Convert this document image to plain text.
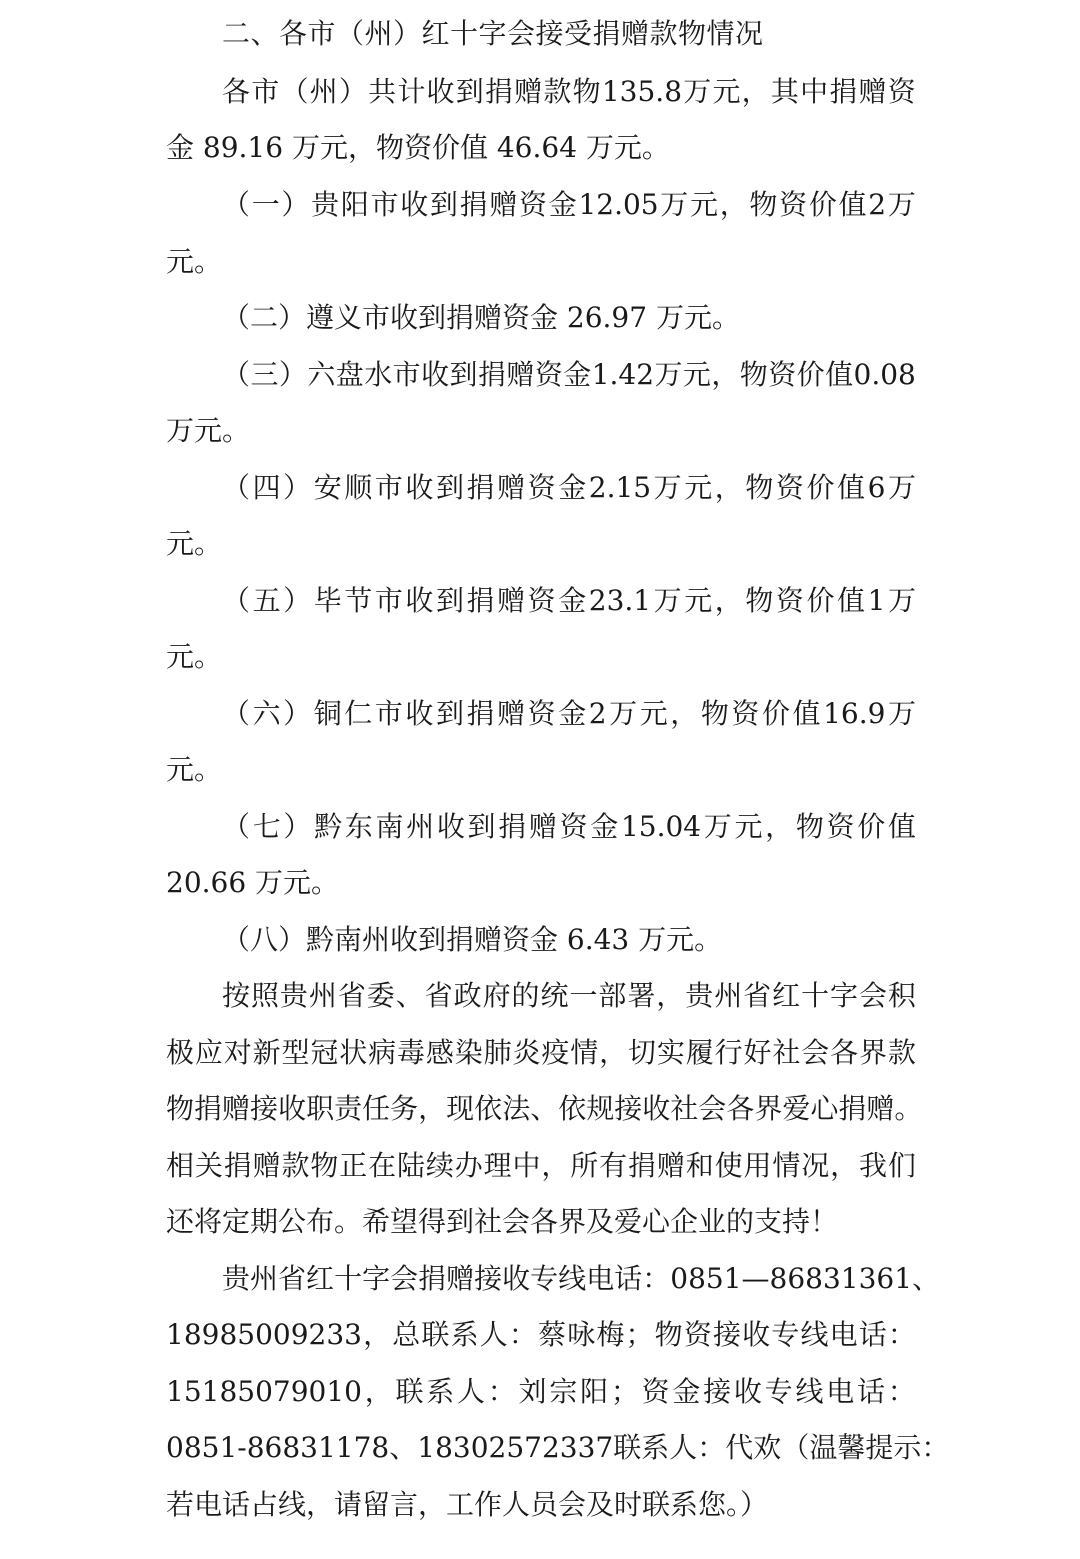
二、各市（州）红十字会接受捐赠款物情况
各 市 （ 州 ） 共 计 收 到 捐 赠 款 物 135.8 万 元 ， 其 中 捐 赠 资
金 89.16 万元，物资价值 46.64 万元。
（ 一 ） 贵 阳 市 收 到 捐 赠 资 金 12.05 万 元 ， 物 资 价 值 2 万
元。
（二）遵义市收到捐赠资金 26.97 万元。
（ 三 ） 六 盘 水 市 收 到 捐 赠 资 金 1.42 万 元 ， 物 资 价 值 0.08
万元。
（ 四 ） 安 顺 市 收 到 捐 赠 资 金 2.15 万 元 ， 物 资 价 值 6 万
元。
（ 五 ） 毕 节 市 收 到 捐 赠 资 金 23.1 万 元 ， 物 资 价 值 1 万
元。
（ 六 ） 铜 仁 市 收 到 捐 赠 资 金 2 万 元 ， 物 资 价 值 16.9 万
元。
（ 七 ） 黔 东 南 州 收 到 捐 赠 资 金 15.04 万 元 ， 物 资 价 值
20.66 万元。
（八）黔南州收到捐赠资金 6.43 万元。
按 照 贵 州 省 委 、 省 政 府 的 统 一 部 署 ， 贵 州 省 红 十 字 会 积
极 应 对 新 型 冠 状 病 毒 感 染 肺 炎 疫 情 ， 切 实 履 行 好 社 会 各 界 款
物 捐 赠 接 收 职 责 任 务 ， 现 依 法 、 依 规 接 收 社 会 各 界 爱 心 捐 赠 。
相 关 捐 赠 款 物 正 在 陆 续 办 理 中 ， 所 有 捐 赠 和 使 用 情 况 ， 我 们
还将定期公布。希望得到社会各界及爱心企业的支持！
贵 州 省 红 十 字 会 捐 赠 接 收 专 线 电 话 ： 0851—86831361 、
18985009233 ， 总 联 系 人 ： 蔡 咏 梅 ； 物 资 接 收 专 线 电 话 ：
15185079010 ， 联 系 人 ： 刘 宗 阳 ； 资 金 接 收 专 线 电 话 ：
0851-86831178 、 18302572337 联 系 人 ： 代 欢 （ 温 馨 提 示 ：
若电话占线，请留言，工作人员会及时联系您。）
